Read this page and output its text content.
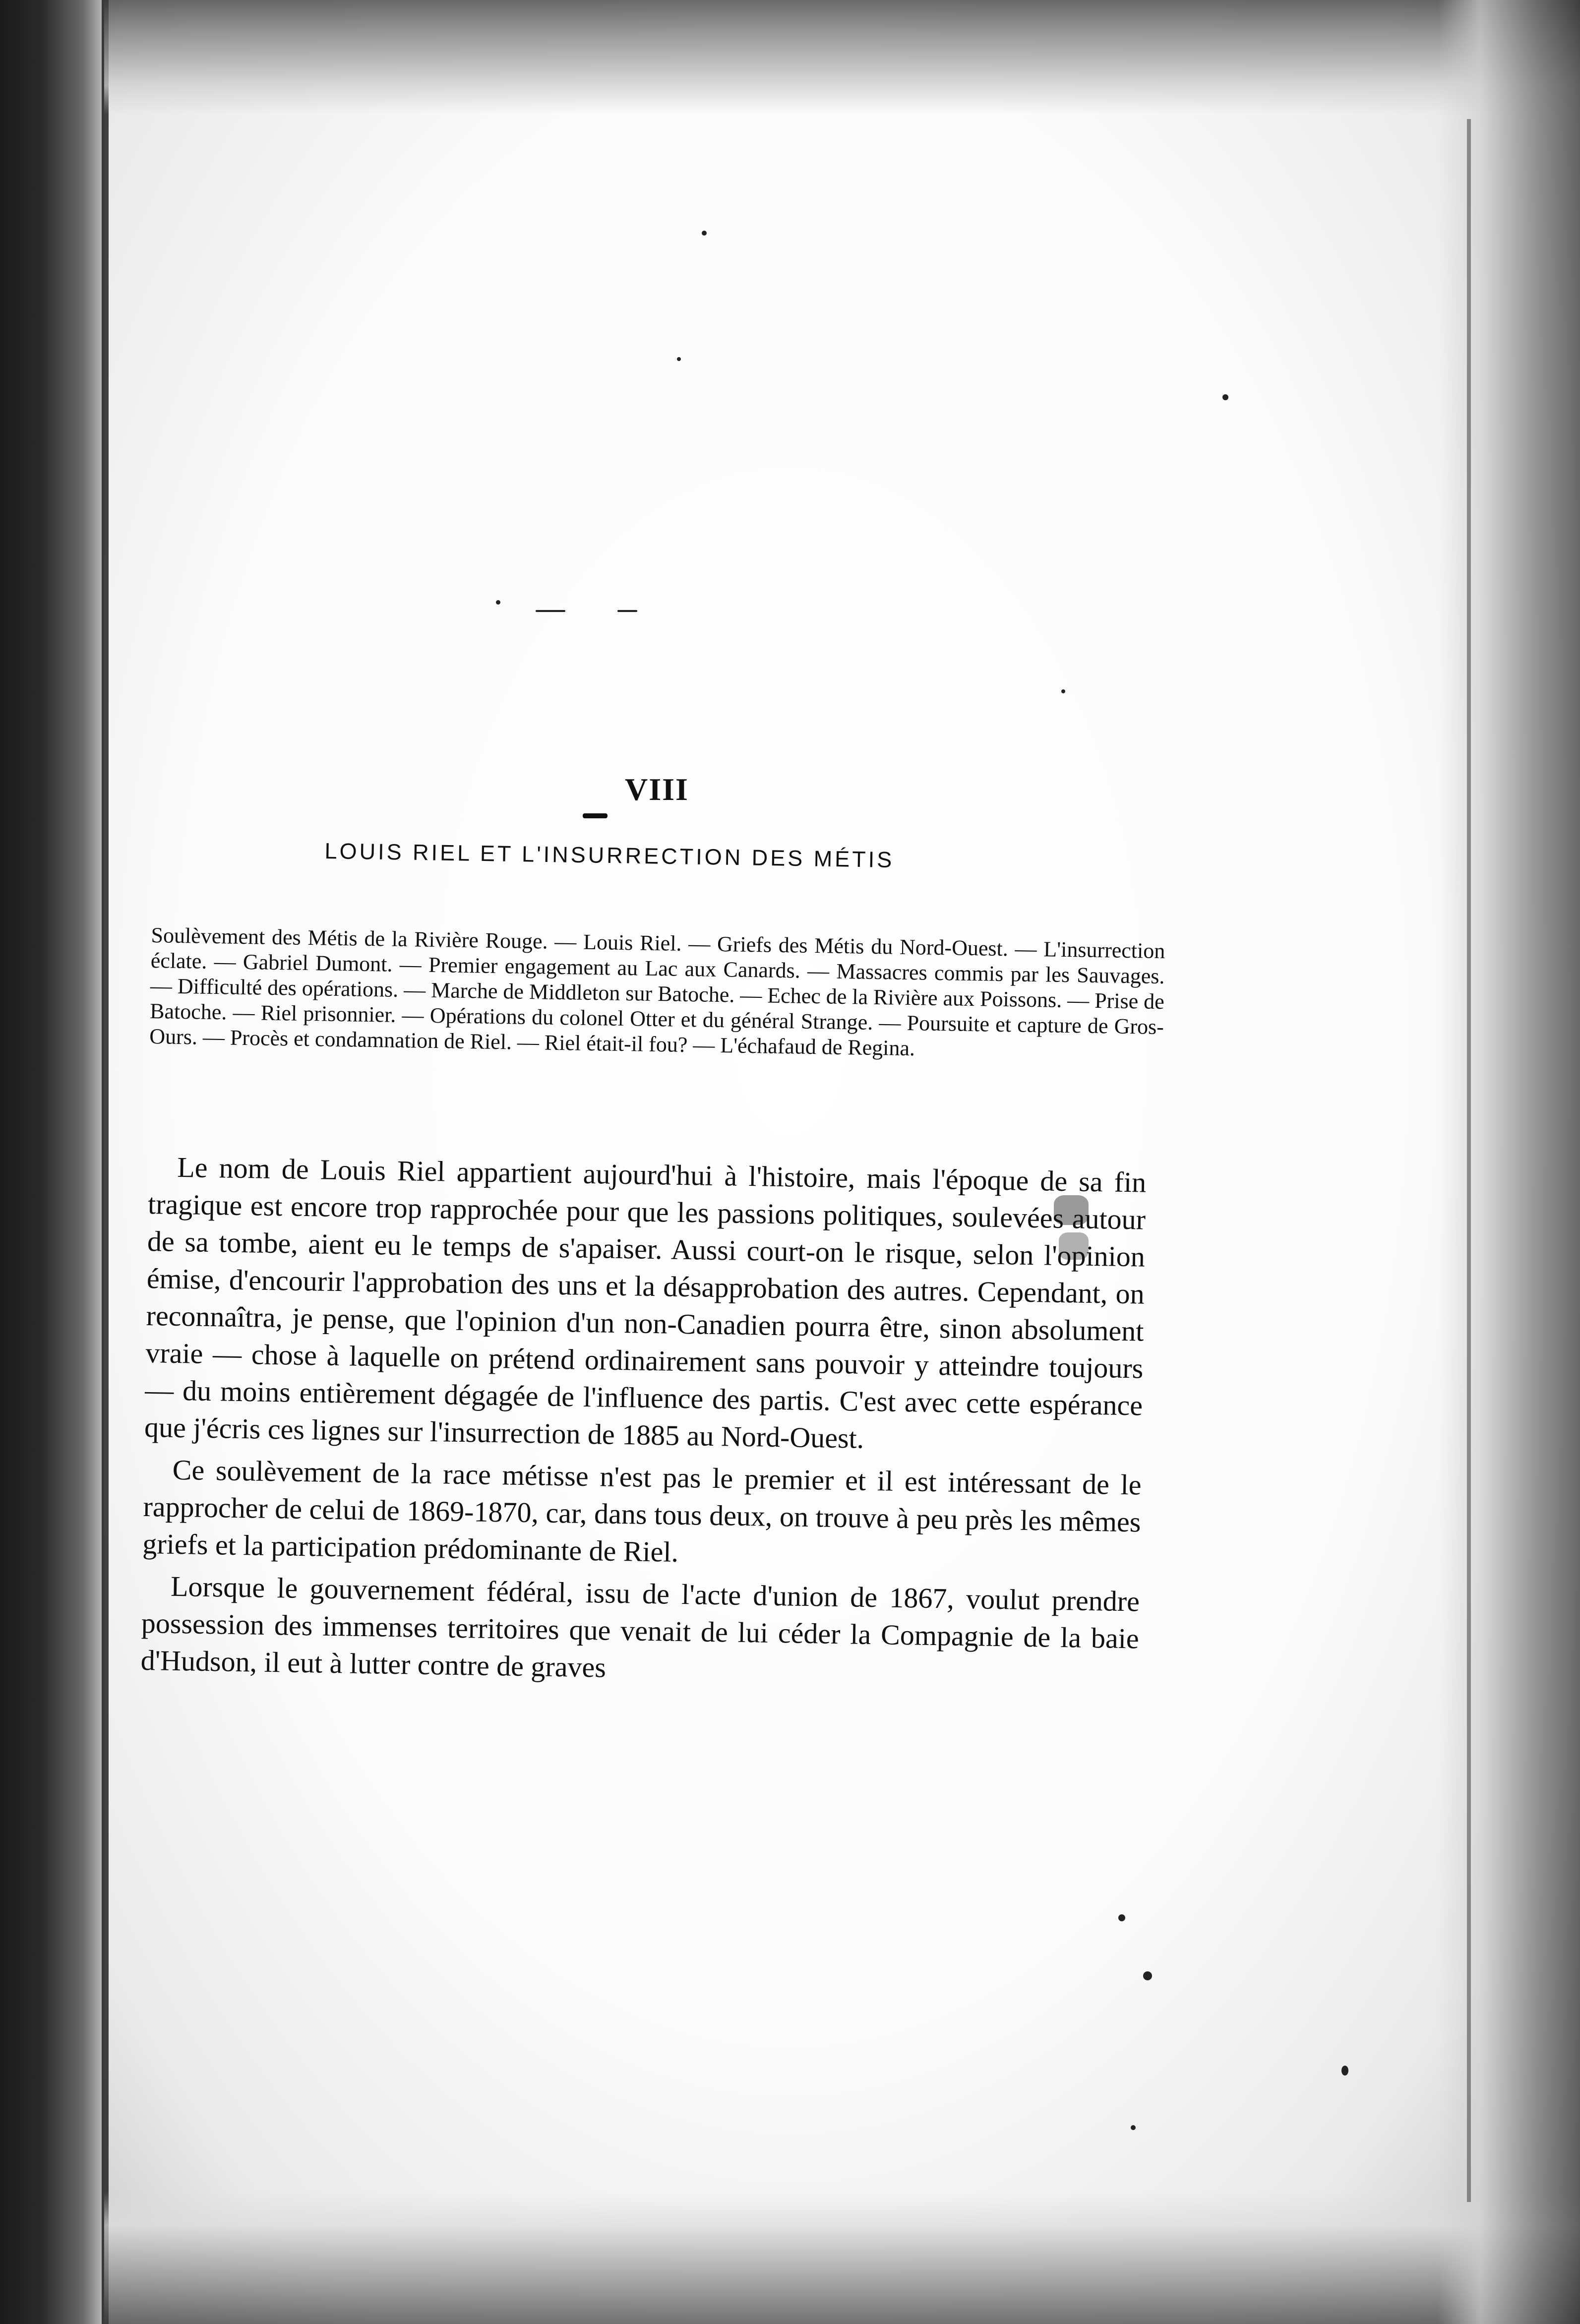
VIII
LOUIS RIEL ET L'INSURRECTION DES MÉTIS
Soulèvement des Métis de la Rivière Rouge. — Louis Riel. — Griefs des Métis du Nord-Ouest. — L'insurrection éclate. — Gabriel Dumont. — Premier engagement au Lac aux Canards. — Massacres commis par les Sauvages. — Difficulté des opérations. — Marche de Middleton sur Batoche. — Echec de la Rivière aux Poissons. — Prise de Batoche. — Riel prisonnier. — Opérations du colonel Otter et du général Strange. — Poursuite et capture de Gros-Ours. — Procès et condamnation de Riel. — Riel était-il fou? — L'échafaud de Regina.

Le nom de Louis Riel appartient aujourd'hui à l'histoire, mais l'époque de sa fin tragique est encore trop rapprochée pour que les passions politiques, soulevées autour de sa tombe, aient eu le temps de s'apaiser. Aussi court-on le risque, selon l'opinion émise, d'encourir l'approbation des uns et la désapprobation des autres. Cependant, on reconnaîtra, je pense, que l'opinion d'un non-Canadien pourra être, sinon absolument vraie — chose à laquelle on prétend ordinairement sans pouvoir y atteindre toujours — du moins entièrement dégagée de l'influence des partis. C'est avec cette espérance que j'écris ces lignes sur l'insurrection de 1885 au Nord-Ouest.

Ce soulèvement de la race métisse n'est pas le premier et il est intéressant de le rapprocher de celui de 1869-1870, car, dans tous deux, on trouve à peu près les mêmes griefs et la participation prédominante de Riel.

Lorsque le gouvernement fédéral, issu de l'acte d'union de 1867, voulut prendre possession des immenses territoires que venait de lui céder la Compagnie de la baie d'Hudson, il eut à lutter contre de graves
